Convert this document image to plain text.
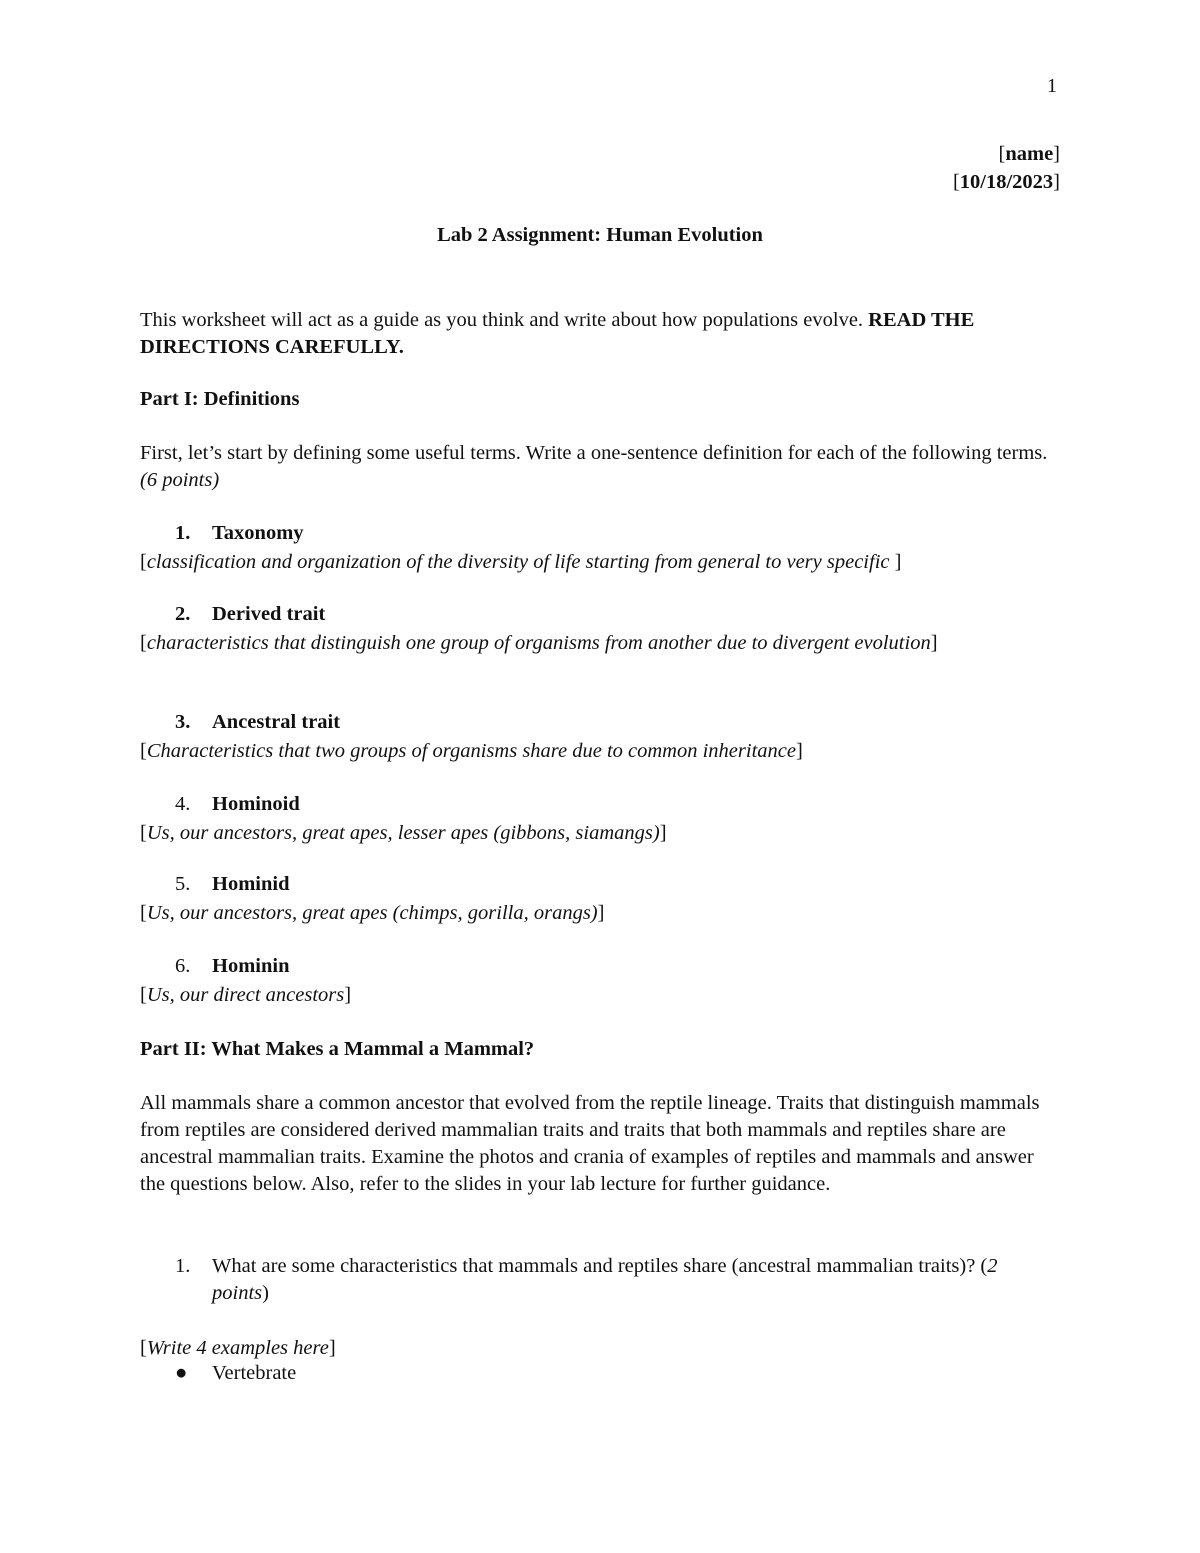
1
[name]
[10/18/2023]
Lab 2 Assignment: Human Evolution
This worksheet will act as a guide as you think and write about how populations evolve. READ THE DIRECTIONS CAREFULLY.
Part I: Definitions
First, let’s start by defining some useful terms. Write a one-sentence definition for each of the following terms. (6 points)
1. Taxonomy
[classification and organization of the diversity of life starting from general to very specific ]
2. Derived trait
[characteristics that distinguish one group of organisms from another due to divergent evolution]
3. Ancestral trait
[Characteristics that two groups of organisms share due to common inheritance]
4. Hominoid
[Us, our ancestors, great apes, lesser apes (gibbons, siamangs)]
5. Hominid
[Us, our ancestors, great apes (chimps, gorilla, orangs)]
6. Hominin
[Us, our direct ancestors]
Part II: What Makes a Mammal a Mammal?
All mammals share a common ancestor that evolved from the reptile lineage. Traits that distinguish mammals from reptiles are considered derived mammalian traits and traits that both mammals and reptiles share are ancestral mammalian traits. Examine the photos and crania of examples of reptiles and mammals and answer the questions below. Also, refer to the slides in your lab lecture for further guidance.
1. What are some characteristics that mammals and reptiles share (ancestral mammalian traits)? (2 points)
[Write 4 examples here]
● Vertebrate
